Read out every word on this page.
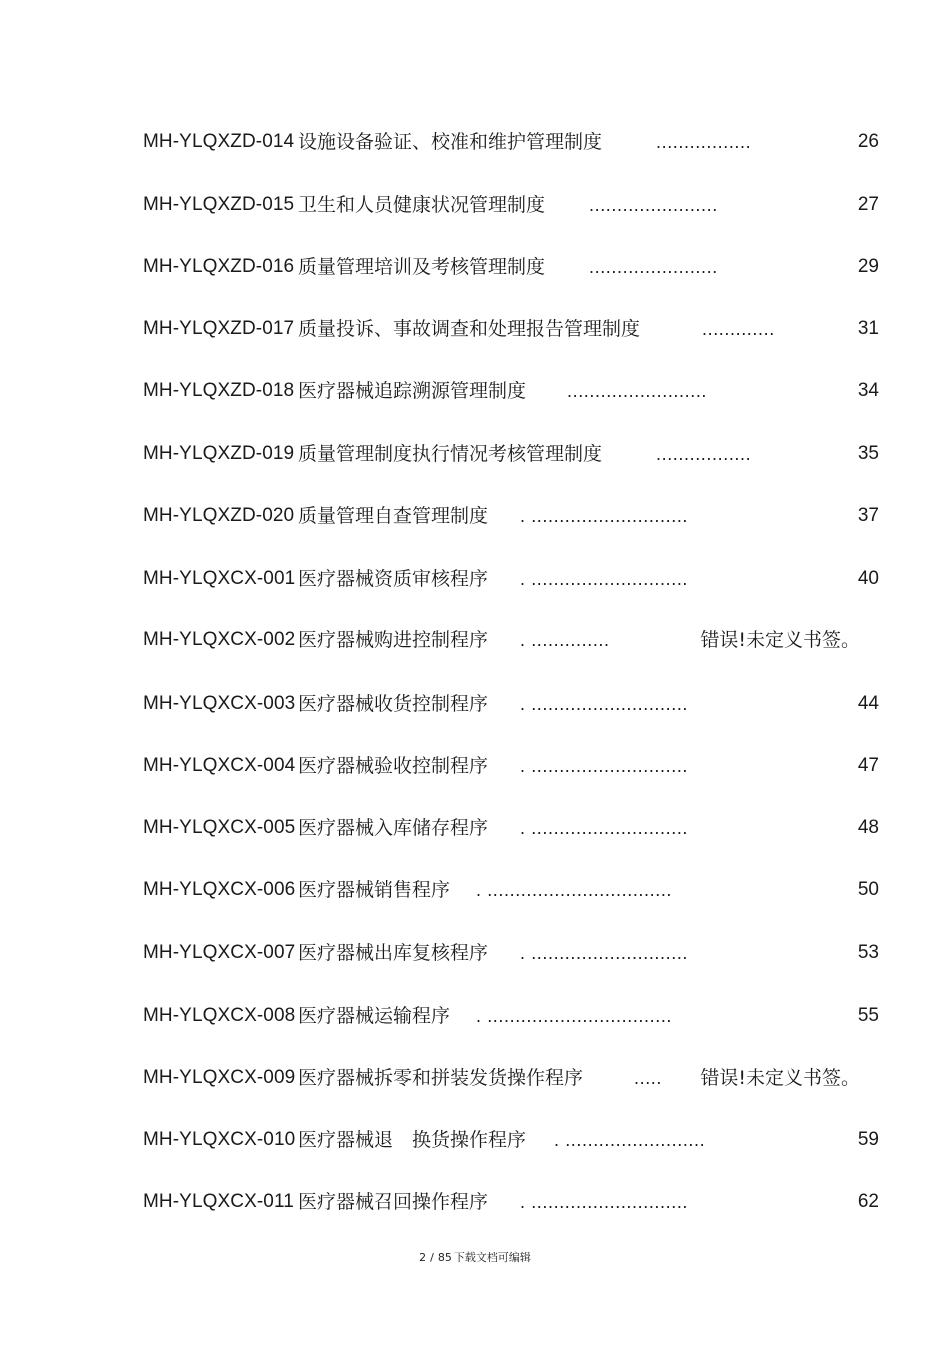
MH-YLQXZD-014 设施设备验证、校准和维护管理制度	.................	26
MH-YLQXZD-015 卫生和人员健康状况管理制度 .......................	27
MH-YLQXZD-016 质量管理培训及考核管理制度 .......................	29
MH-YLQXZD-017 质量投诉、事故调查和处理报告管理制度	.............	31
MH-YLQXZD-018 医疗器械追踪溯源管理制度 .........................	34
MH-YLQXZD-019 质量管理制度执行情况考核管理制度	.................	35
MH-YLQXZD-020 质量管理自查管理制度 . ............................	37
MH-YLQXCX-001 医疗器械资质审核程序 . ............................	40
MH-YLQXCX-002 医疗器械购进控制程序 . ..............	错误!未定义书签。
MH-YLQXCX-003 医疗器械收货控制程序 . ............................	44
MH-YLQXCX-004 医疗器械验收控制程序 . ............................	47
MH-YLQXCX-005 医疗器械入库储存程序 . ............................	48
MH-YLQXCX-006 医疗器械销售程序 . .................................	50
MH-YLQXCX-007 医疗器械出库复核程序 . ............................	53
MH-YLQXCX-008 医疗器械运输程序 . .................................	55
MH-YLQXCX-009 医疗器械拆零和拼装发货操作程序	..... 错误!未定义书签。
MH-YLQXCX-010 医疗器械退　换货操作程序 . .........................	59
MH-YLQXCX-011 医疗器械召回操作程序 . ............................	62
2 / 85 下载文档可编辑
